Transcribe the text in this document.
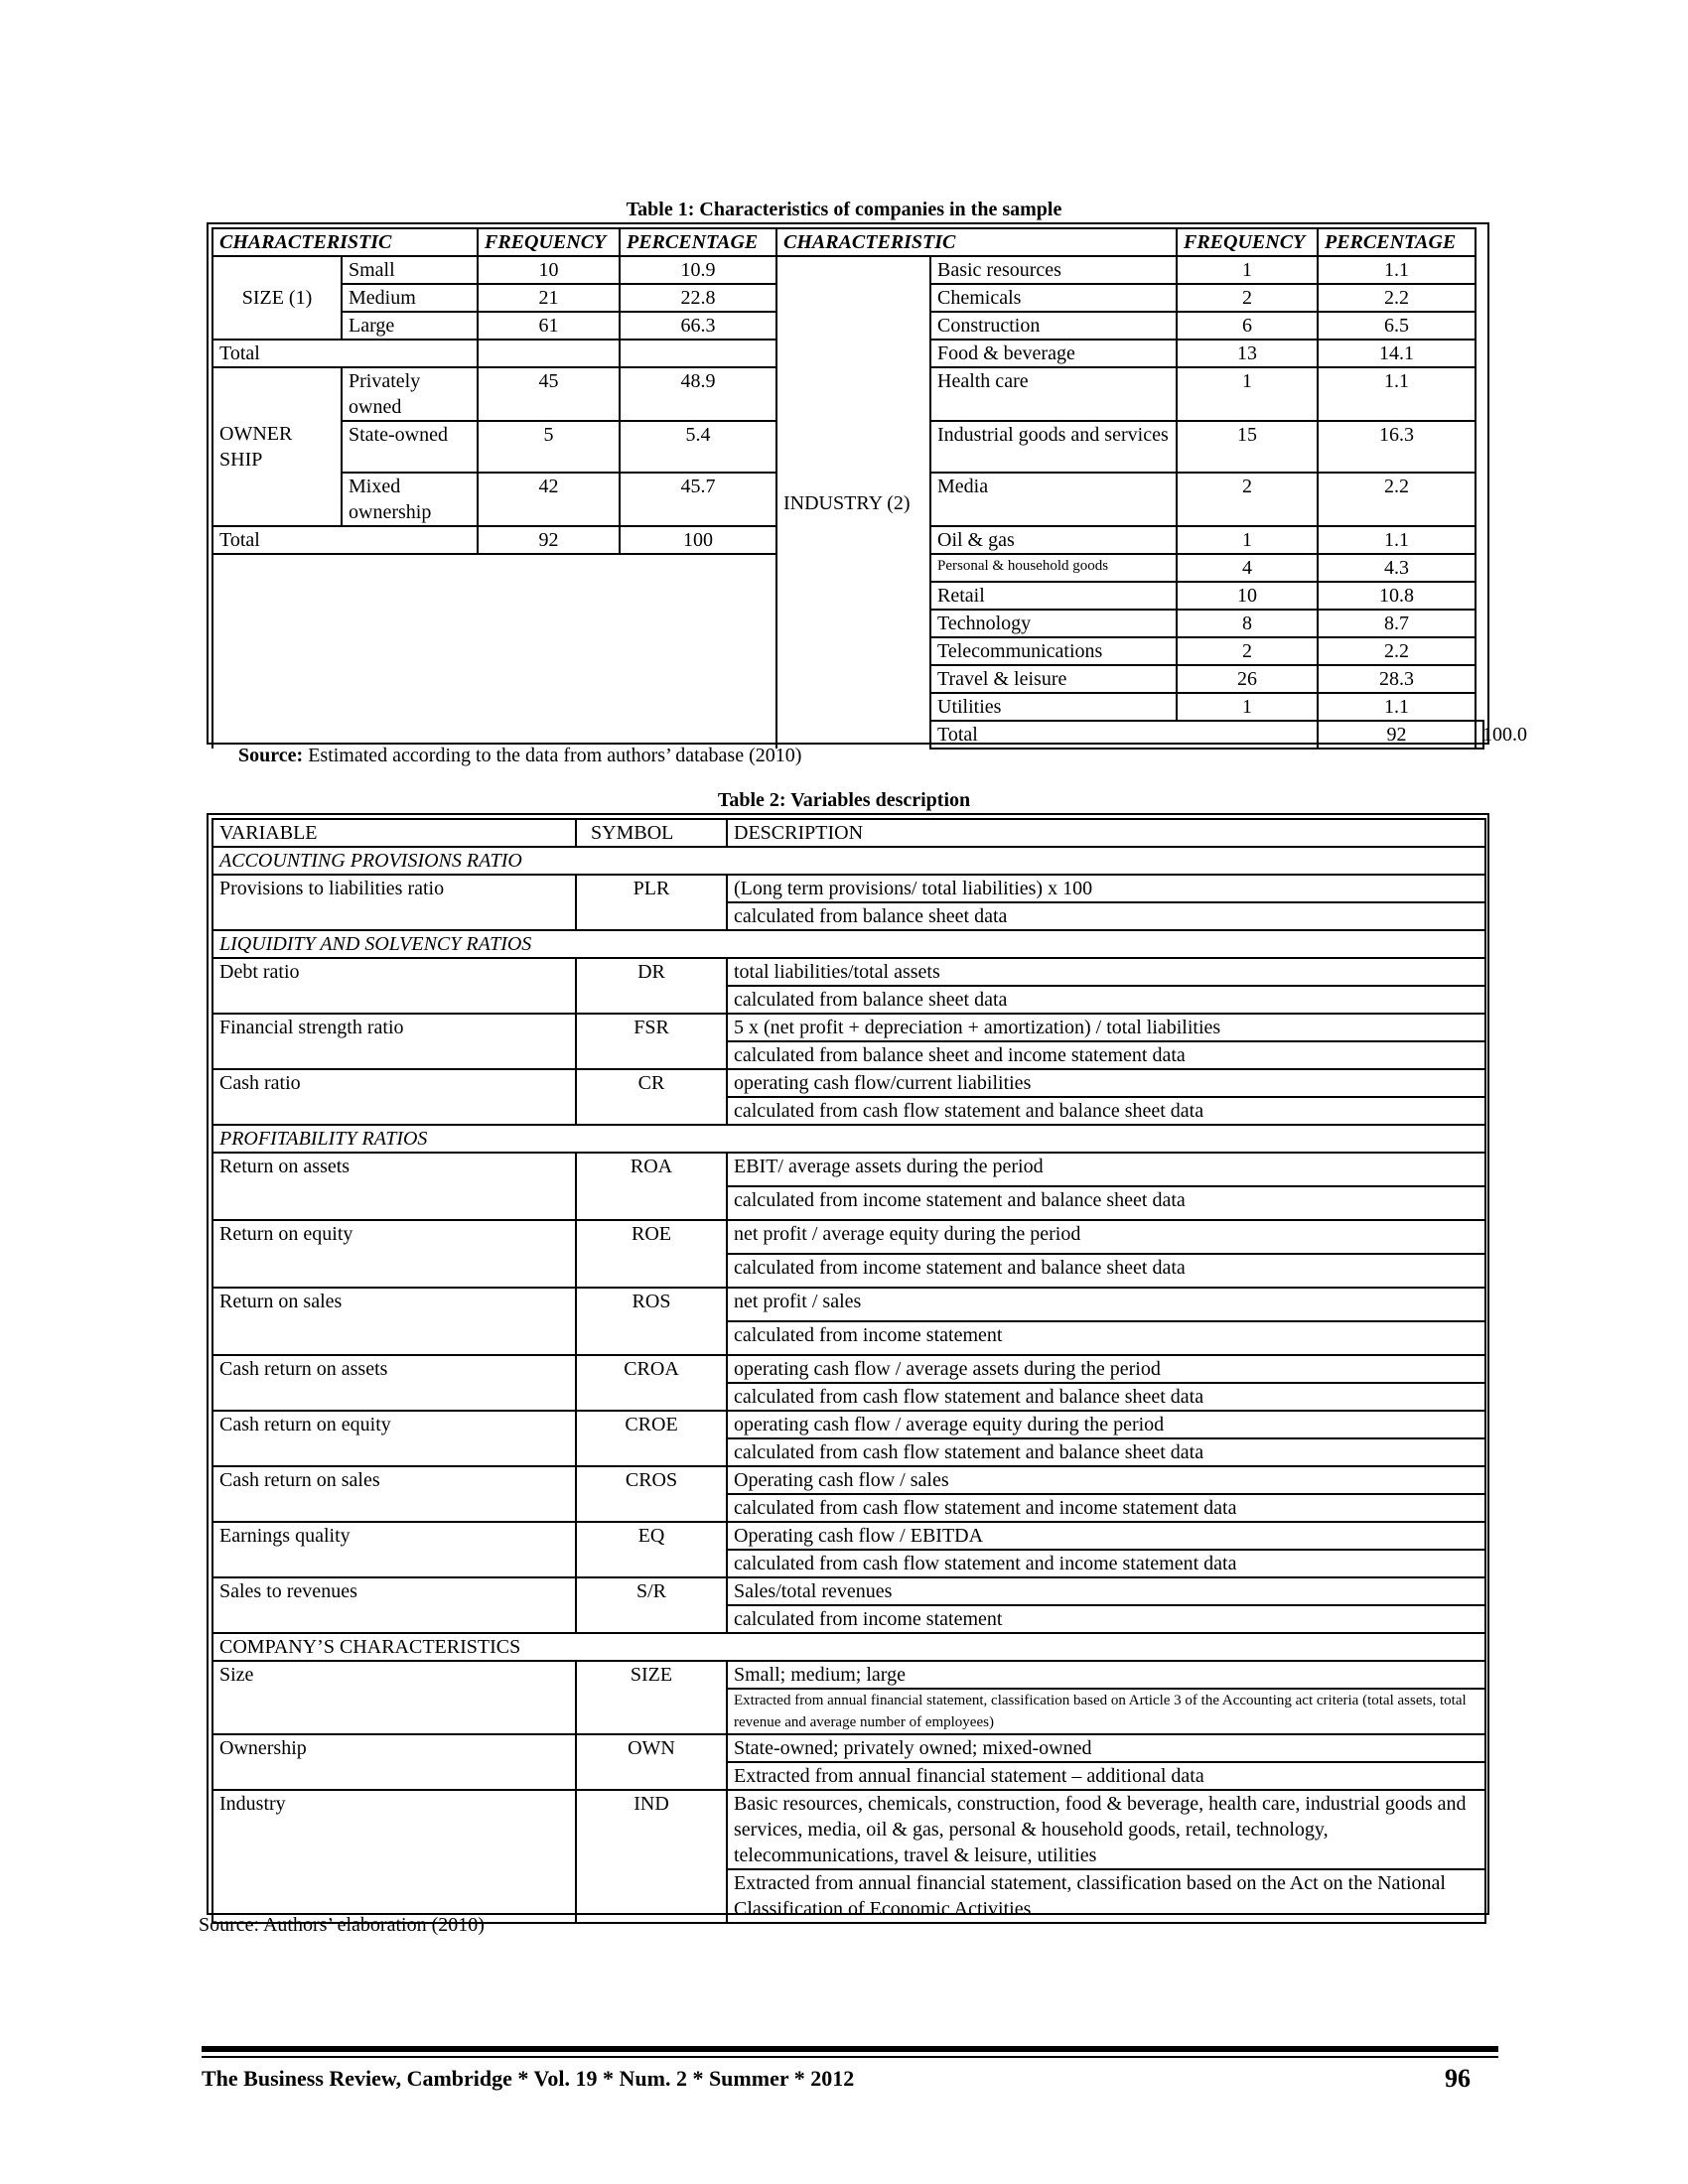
Table 1: Characteristics of companies in the sample
CHARACTERISTIC		FREQUENCY	PERCENTAGE	CHARACTERISTIC		FREQUENCY	PERCENTAGE	
SIZE (1)	Small	10	10.9	INDUSTRY (2)	Basic resources	1	1.1	
	Medium	21	22.8		Chemicals	2	2.2	
	Large	61	66.3		Construction	6	6.5	
Total					Food & beverage	13	14.1	
OWNER SHIP	Privately owned	45	48.9		Health care	1	1.1	
	State-owned	5	5.4		Industrial goods and services	15	16.3	
	Mixed ownership	42	45.7		Media	2	2.2	
Total		92	100		Oil & gas	1	1.1	
					Personal & household goods	4	4.3	
					Retail	10	10.8	
					Technology	8	8.7	
					Telecommunications	2	2.2	
					Travel & leisure	26	28.3	
					Utilities	1	1.1	
					Total		92	100.0
Source: Estimated according to the data from authors’ database (2010)
Table 2: Variables description
VARIABLE	SYMBOL	DESCRIPTION
ACCOUNTING PROVISIONS RATIO		
Provisions to liabilities ratio	PLR	(Long term provisions/ total liabilities) x 100
		calculated from balance sheet data
LIQUIDITY AND SOLVENCY RATIOS		
Debt ratio	DR	total liabilities/total assets
		calculated from balance sheet data
Financial strength ratio	FSR	5 x (net profit + depreciation + amortization) / total liabilities
		calculated from balance sheet and income statement data
Cash ratio	CR	operating cash flow/current liabilities
		calculated from cash flow statement and balance sheet data
PROFITABILITY RATIOS		
Return on assets	ROA	EBIT/ average assets during the period
		calculated from income statement and balance sheet data
Return on equity	ROE	net profit / average equity during the period
		calculated from income statement and balance sheet data
Return on sales	ROS	net profit / sales
		calculated from income statement
Cash return on assets	CROA	operating cash flow / average assets during the period
		calculated from cash flow statement and balance sheet data
Cash return on equity	CROE	operating cash flow / average equity during the period
		calculated from cash flow statement and balance sheet data
Cash return on sales	CROS	Operating cash flow / sales
		calculated from cash flow statement and income statement data
Earnings quality	EQ	Operating cash flow / EBITDA
		calculated from cash flow statement and income statement data
Sales to revenues	S/R	Sales/total revenues
		calculated from income statement
COMPANY’S CHARACTERISTICS		
Size	SIZE	Small; medium; large
		Extracted from annual financial statement, classification based on Article 3 of the Accounting act criteria (total assets, total revenue and average number of employees)
Ownership	OWN	State-owned; privately owned; mixed-owned
		Extracted from annual financial statement – additional data
Industry	IND	Basic resources, chemicals, construction, food & beverage, health care, industrial goods and services, media, oil & gas, personal & household goods, retail, technology, telecommunications, travel & leisure, utilities
		Extracted from annual financial statement, classification based on the Act on the National Classification of Economic Activities
Source: Authors’ elaboration (2010)
The Business Review, Cambridge * Vol. 19 * Num. 2 * Summer * 2012	96
